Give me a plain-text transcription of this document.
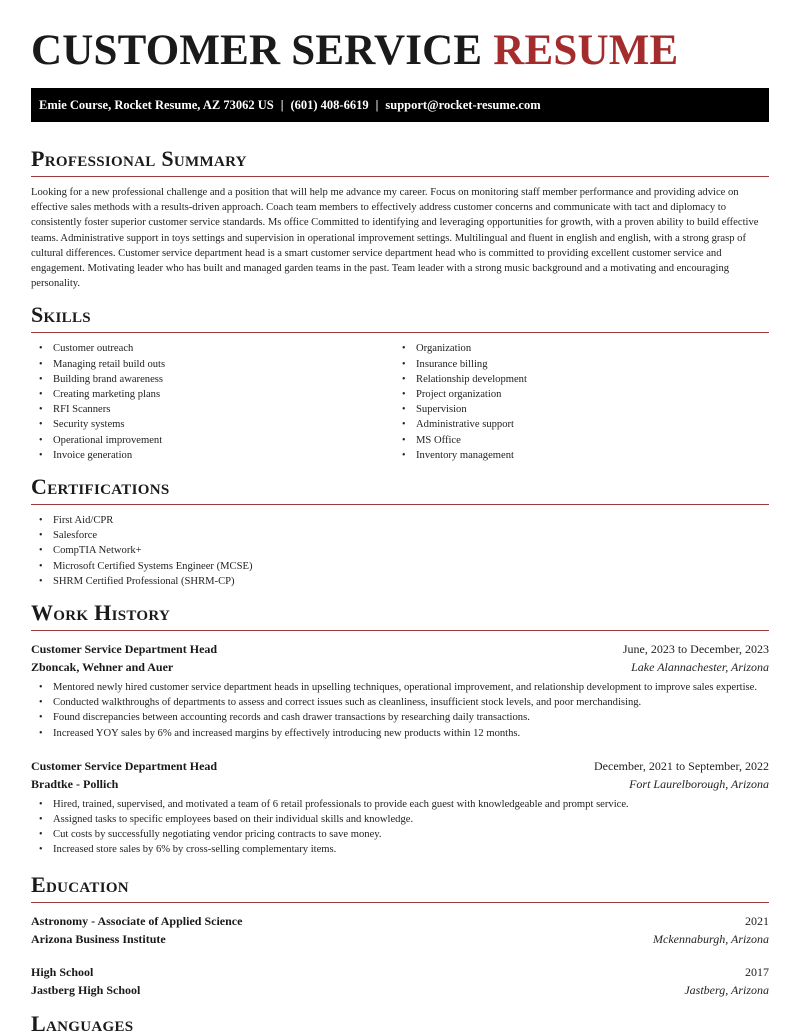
CUSTOMER SERVICE RESUME
Emie Course, Rocket Resume, AZ 73062 US | (601) 408-6619 | support@rocket-resume.com
Professional Summary

Looking for a new professional challenge and a position that will help me advance my career. Focus on monitoring staff member performance and providing advice on effective sales methods with a results-driven approach. Coach team members to effectively address customer concerns and communicate with tact and diplomacy to consistently foster superior customer service standards. Ms office Committed to identifying and leveraging opportunities for growth, with a proven ability to build effective teams. Administrative support in toys settings and supervision in operational improvement settings. Multilingual and fluent in english and english, with a strong grasp of cultural differences. Customer service department head is a smart customer service department head who is committed to providing excellent customer service and engagement. Motivating leader who has built and managed garden teams in the past. Team leader with a strong music background and a motivating and encouraging personality.

Skills
• Customer outreach
• Managing retail build outs
• Building brand awareness
• Creating marketing plans
• RFI Scanners
• Security systems
• Operational improvement
• Invoice generation
• Organization
• Insurance billing
• Relationship development
• Project organization
• Supervision
• Administrative support
• MS Office
• Inventory management
Certifications
• First Aid/CPR
• Salesforce
• CompTIA Network+
• Microsoft Certified Systems Engineer (MCSE)
• SHRM Certified Professional (SHRM-CP)
Work History
Customer Service Department Head	June, 2023 to December, 2023
Zboncak, Wehner and Auer	Lake Alannachester, Arizona
• Mentored newly hired customer service department heads in upselling techniques, operational improvement, and relationship development to improve sales expertise.
• Conducted walkthroughs of departments to assess and correct issues such as cleanliness, insufficient stock levels, and poor merchandising.
• Found discrepancies between accounting records and cash drawer transactions by researching daily transactions.
• Increased YOY sales by 6% and increased margins by effectively introducing new products within 12 months.
Customer Service Department Head	December, 2021 to September, 2022
Bradtke - Pollich	Fort Laurelborough, Arizona
• Hired, trained, supervised, and motivated a team of 6 retail professionals to provide each guest with knowledgeable and prompt service.
• Assigned tasks to specific employees based on their individual skills and knowledge.
• Cut costs by successfully negotiating vendor pricing contracts to save money.
• Increased store sales by 6% by cross-selling complementary items.
Education
Astronomy - Associate of Applied Science	2021
Arizona Business Institute	Mckennaburgh, Arizona
High School	2017
Jastberg High School	Jastberg, Arizona
Languages
